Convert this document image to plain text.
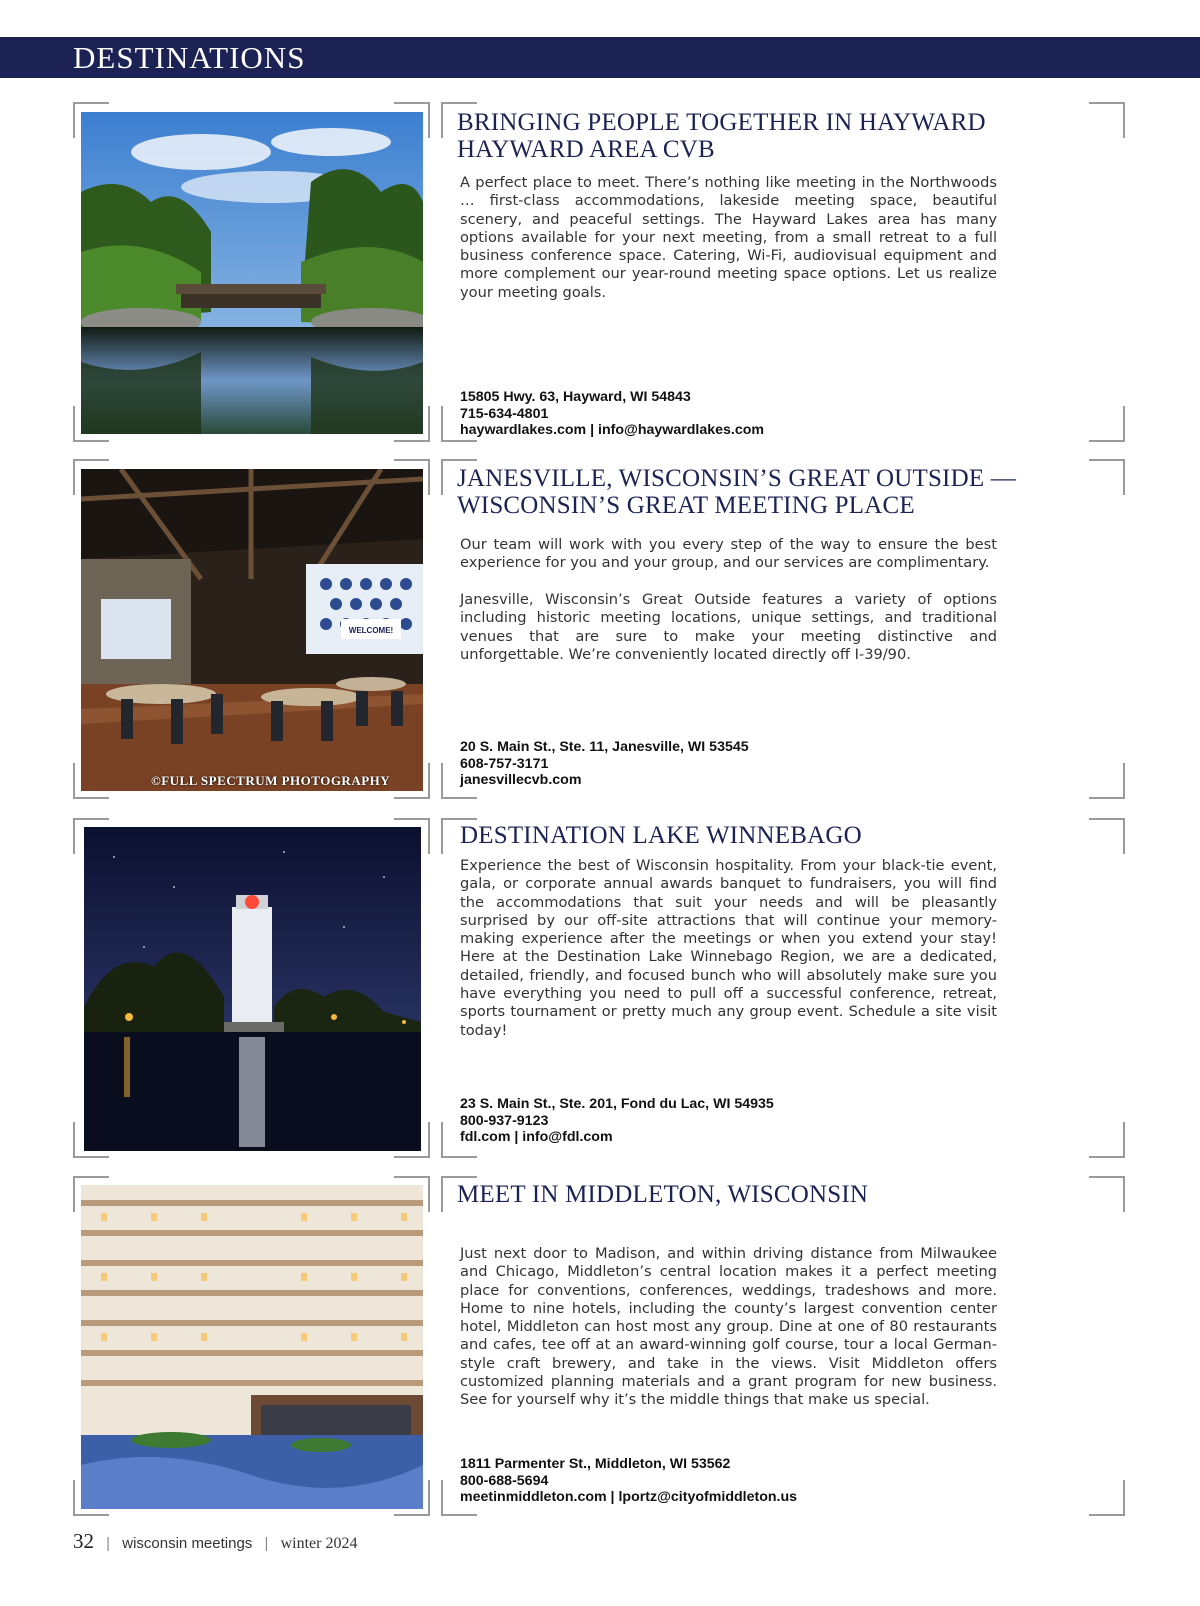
DESTINATIONS
BRINGING PEOPLE TOGETHER IN HAYWARD
HAYWARD AREA CVB

A perfect place to meet. There’s nothing like meeting in the Northwoods … first-class accommodations, lakeside meeting space, beautiful scenery, and peaceful settings. The Hayward Lakes area has many options available for your next meeting, from a small retreat to a full business conference space. Catering, Wi-Fi, audiovisual equipment and more complement our year-round meeting space options. Let us realize your meeting goals.

15805 Hwy. 63, Hayward, WI 54843
715-634-4801
haywardlakes.com | info@haywardlakes.com
WELCOME!
©FULL SPECTRUM PHOTOGRAPHY
JANESVILLE, WISCONSIN’S GREAT OUTSIDE —
WISCONSIN’S GREAT MEETING PLACE

Our team will work with you every step of the way to ensure the best experience for you and your group, and our services are complimentary.

Janesville, Wisconsin’s Great Outside features a variety of options including historic meeting locations, unique settings, and traditional venues that are sure to make your meeting distinctive and unforgettable. We’re conveniently located directly off I-39/90.

20 S. Main St., Ste. 11, Janesville, WI 53545
608-757-3171
janesvillecvb.com
DESTINATION LAKE WINNEBAGO

Experience the best of Wisconsin hospitality. From your black-tie event, gala, or corporate annual awards banquet to fundraisers, you will find the accommodations that suit your needs and will be pleasantly surprised by our off-site attractions that will continue your memory-making experience after the meetings or when you extend your stay! Here at the Destination Lake Winnebago Region, we are a dedicated, detailed, friendly, and focused bunch who will absolutely make sure you have everything you need to pull off a successful conference, retreat, sports tournament or pretty much any group event. Schedule a site visit today!

23 S. Main St., Ste. 201, Fond du Lac, WI 54935
800-937-9123
fdl.com | info@fdl.com
MEET IN MIDDLETON, WISCONSIN

Just next door to Madison, and within driving distance from Milwaukee and Chicago, Middleton’s central location makes it a perfect meeting place for conventions, conferences, weddings, tradeshows and more. Home to nine hotels, including the county’s largest convention center hotel, Middleton can host most any group. Dine at one of 80 restaurants and cafes, tee off at an award-winning golf course, tour a local German-style craft brewery, and take in the views. Visit Middleton offers customized planning materials and a grant program for new business. See for yourself why it’s the middle things that make us special.

1811 Parmenter St., Middleton, WI 53562
800-688-5694
meetinmiddleton.com | lportz@cityofmiddleton.us
32 | wisconsin meetings | winter 2024
